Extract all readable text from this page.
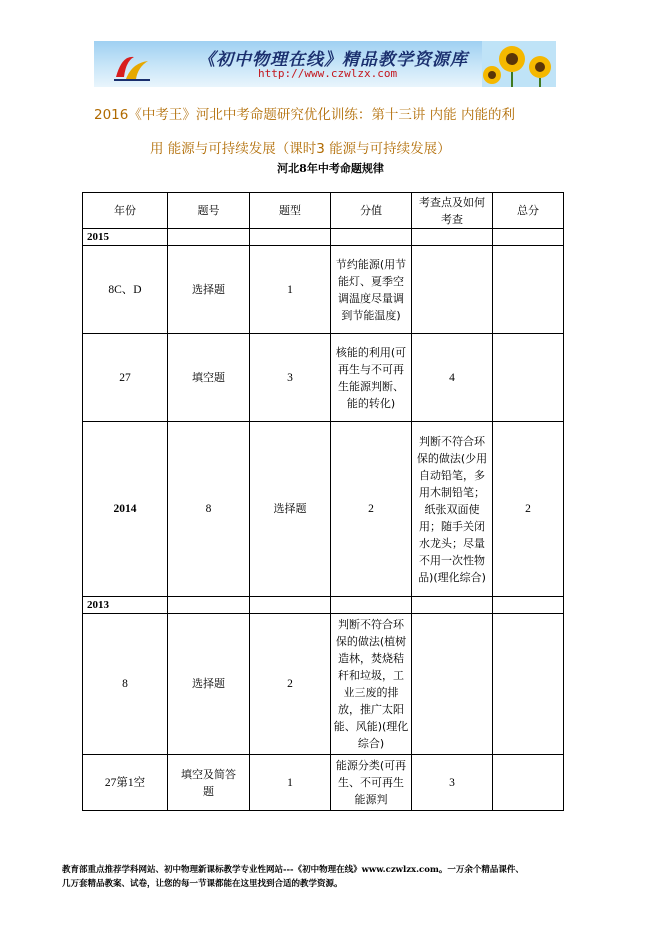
《初中物理在线》精品教学资源库
http://www.czwlzx.com
2016《中考王》河北中考命题研究优化训练：第十三讲 内能 内能的利
用 能源与可持续发展（课时3 能源与可持续发展）
河北8年中考命题规律
年份	题号	题型	分值	考查点及如何考查	总分
2015					
8C、D	选择题	1	节约能源(用节能灯、夏季空调温度尽量调到节能温度)		
27	填空题	3	核能的利用(可再生与不可再生能源判断、能的转化)	4	
2014	8	选择题	2	判断不符合环保的做法(少用自动铅笔，多用木制铅笔；纸张双面使用；随手关闭水龙头；尽量不用一次性物品)(理化综合)	2
2013					
8	选择题	2	判断不符合环保的做法(植树造林，焚烧秸秆和垃圾，工业三废的排放，推广太阳能、风能)(理化综合)		
27第1空	填空及简答题	1	能源分类(可再生、不可再生能源判	3	
教育部重点推荐学科网站、初中物理新课标教学专业性网站---《初中物理在线》www.czwlzx.com。一万余个精品课件、
几万套精品教案、试卷，让您的每一节课都能在这里找到合适的教学资源。
